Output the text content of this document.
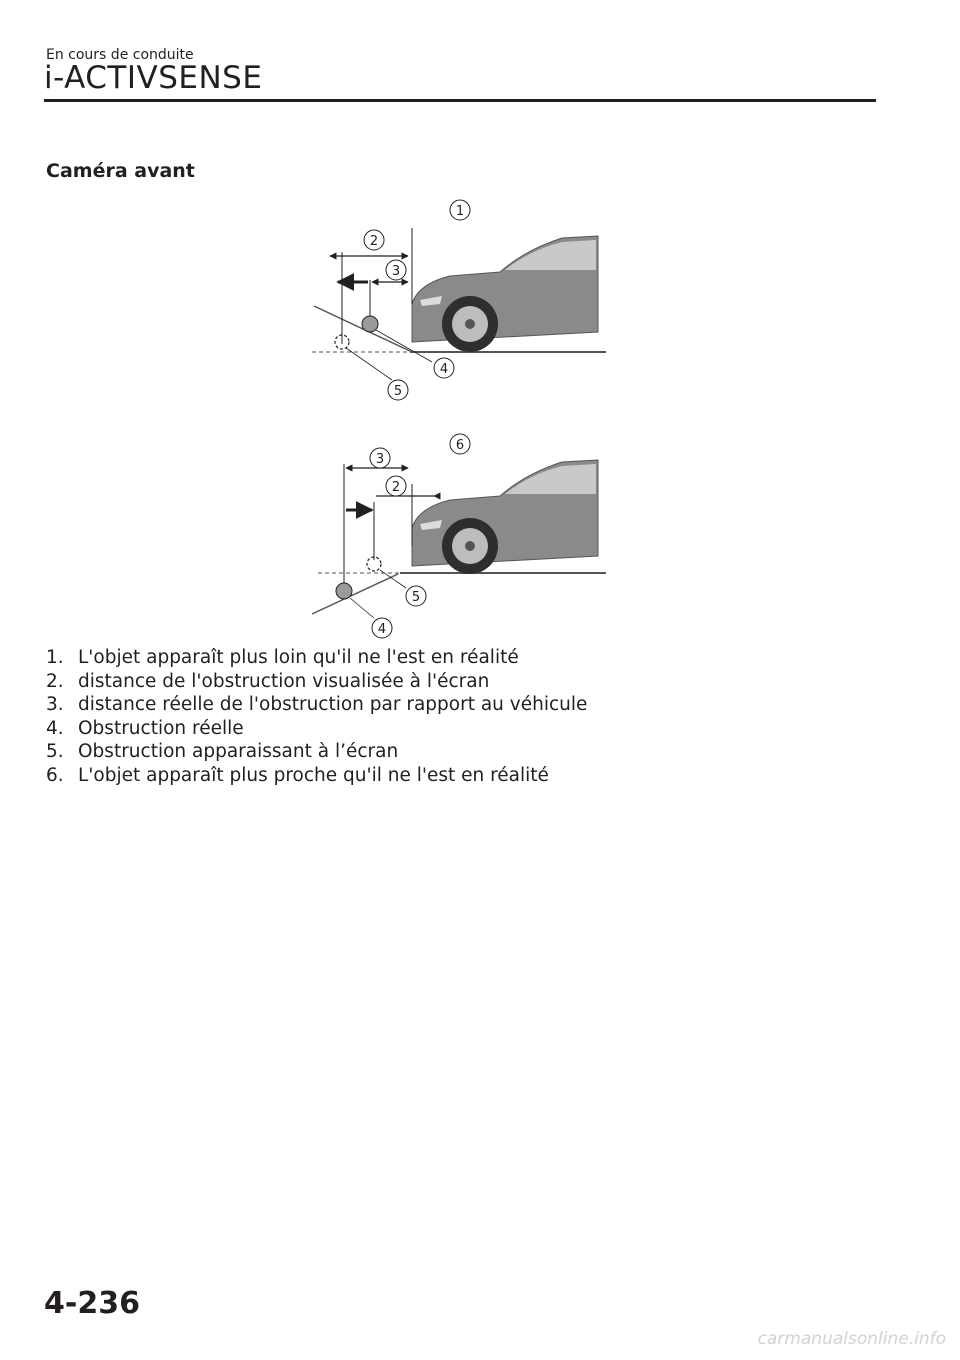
En cours de conduite
i-ACTIVSENSE
Caméra avant
1
2
3
4
5
6
3
2
5
4
1. L'objet apparaît plus loin qu'il ne l'est en réalité
2. distance de l'obstruction visualisée à l'écran
3. distance réelle de l'obstruction par rapport au véhicule
4. Obstruction réelle
5. Obstruction apparaissant à l’écran
6. L'objet apparaît plus proche qu'il ne l'est en réalité
4-236
carmanualsonline.info
